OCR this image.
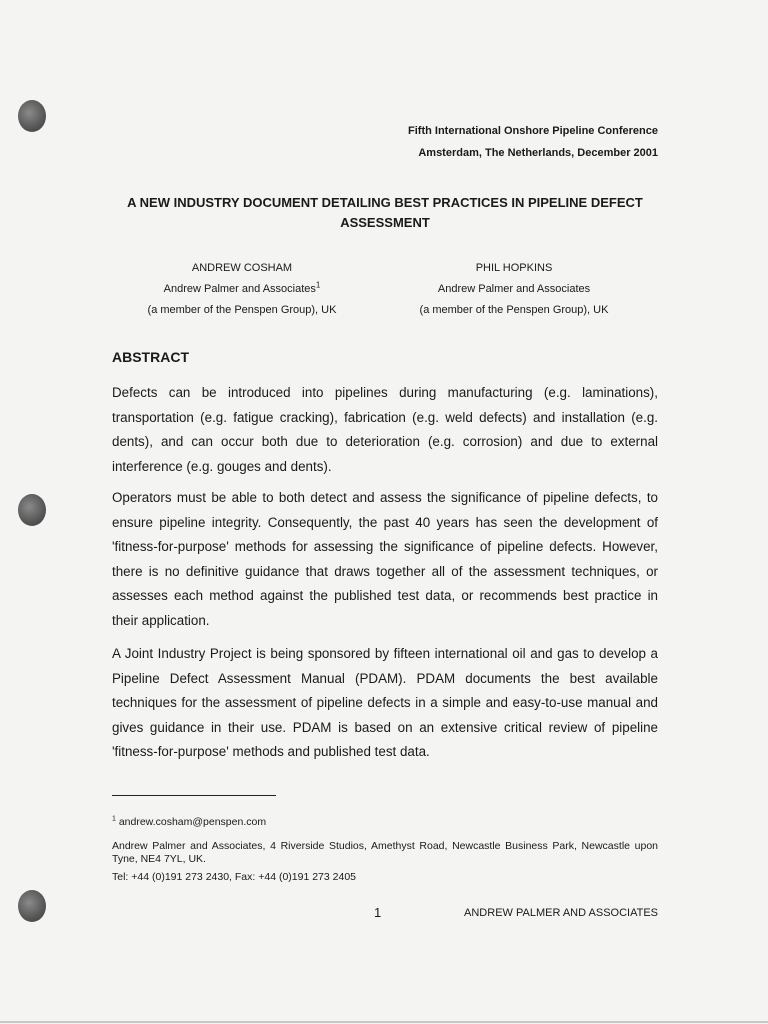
Fifth International Onshore Pipeline Conference
Amsterdam, The Netherlands, December 2001
A NEW INDUSTRY DOCUMENT DETAILING BEST PRACTICES IN PIPELINE DEFECT ASSESSMENT
ANDREW COSHAM
Andrew Palmer and Associates$^1$
(a member of the Penspen Group), UK
PHIL HOPKINS
Andrew Palmer and Associates
(a member of the Penspen Group), UK
ABSTRACT
Defects can be introduced into pipelines during manufacturing (e.g. laminations), transportation (e.g. fatigue cracking), fabrication (e.g. weld defects) and installation (e.g. dents), and can occur both due to deterioration (e.g. corrosion) and due to external interference (e.g. gouges and dents).
Operators must be able to both detect and assess the significance of pipeline defects, to ensure pipeline integrity. Consequently, the past 40 years has seen the development of 'fitness-for-purpose' methods for assessing the significance of pipeline defects. However, there is no definitive guidance that draws together all of the assessment techniques, or assesses each method against the published test data, or recommends best practice in their application.
A Joint Industry Project is being sponsored by fifteen international oil and gas to develop a Pipeline Defect Assessment Manual (PDAM). PDAM documents the best available techniques for the assessment of pipeline defects in a simple and easy-to-use manual and gives guidance in their use. PDAM is based on an extensive critical review of pipeline 'fitness-for-purpose' methods and published test data.
$^1$ andrew.cosham@penspen.com
Andrew Palmer and Associates, 4 Riverside Studios, Amethyst Road, Newcastle Business Park, Newcastle upon Tyne, NE4 7YL, UK.
Tel: +44 (0)191 273 2430, Fax: +44 (0)191 273 2405
1	ANDREW PALMER AND ASSOCIATES
